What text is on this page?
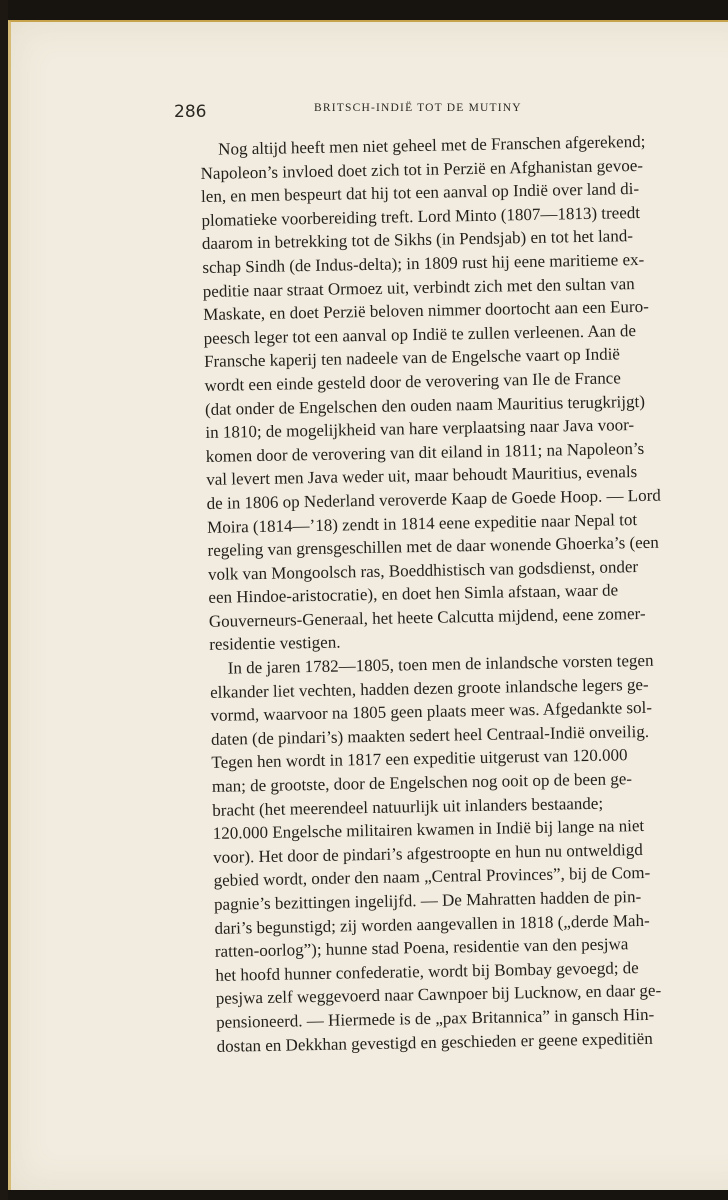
286	BRITSCH-INDIË TOT DE MUTINY
Nog altijd heeft men niet geheel met de Franschen afgerekend;
Napoleon’s invloed doet zich tot in Perzië en Afghanistan gevoe-
len, en men bespeurt dat hij tot een aanval op Indië over land di-
plomatieke voorbereiding treft. Lord Minto (1807—1813) treedt
daarom in betrekking tot de Sikhs (in Pendsjab) en tot het land-
schap Sindh (de Indus-delta); in 1809 rust hij eene maritieme ex-
peditie naar straat Ormoez uit, verbindt zich met den sultan van
Maskate, en doet Perzië beloven nimmer doortocht aan een Euro-
peesch leger tot een aanval op Indië te zullen verleenen. Aan de
Fransche kaperij ten nadeele van de Engelsche vaart op Indië
wordt een einde gesteld door de verovering van Ile de France
(dat onder de Engelschen den ouden naam Mauritius terugkrijgt)
in 1810; de mogelijkheid van hare verplaatsing naar Java voor-
komen door de verovering van dit eiland in 1811; na Napoleon’s
val levert men Java weder uit, maar behoudt Mauritius, evenals
de in 1806 op Nederland veroverde Kaap de Goede Hoop. — Lord
Moira (1814—’18) zendt in 1814 eene expeditie naar Nepal tot
regeling van grensgeschillen met de daar wonende Ghoerka’s (een
volk van Mongoolsch ras, Boeddhistisch van godsdienst, onder
een Hindoe-aristocratie), en doet hen Simla afstaan, waar de
Gouverneurs-Generaal, het heete Calcutta mijdend, eene zomer-
residentie vestigen.
In de jaren 1782—1805, toen men de inlandsche vorsten tegen
elkander liet vechten, hadden dezen groote inlandsche legers ge-
vormd, waarvoor na 1805 geen plaats meer was. Afgedankte sol-
daten (de pindari’s) maakten sedert heel Centraal-Indië onveilig.
Tegen hen wordt in 1817 een expeditie uitgerust van 120.000
man; de grootste, door de Engelschen nog ooit op de been ge-
bracht (het meerendeel natuurlijk uit inlanders bestaande;
120.000 Engelsche militairen kwamen in Indië bij lange na niet
voor). Het door de pindari’s afgestroopte en hun nu ontweldigd
gebied wordt, onder den naam „Central Provinces”, bij de Com-
pagnie’s bezittingen ingelijfd. — De Mahratten hadden de pin-
dari’s begunstigd; zij worden aangevallen in 1818 („derde Mah-
ratten-oorlog”); hunne stad Poena, residentie van den pesjwa
het hoofd hunner confederatie, wordt bij Bombay gevoegd; de
pesjwa zelf weggevoerd naar Cawnpoer bij Lucknow, en daar ge-
pensioneerd. — Hiermede is de „pax Britannica” in gansch Hin-
dostan en Dekkhan gevestigd en geschieden er geene expeditiën
